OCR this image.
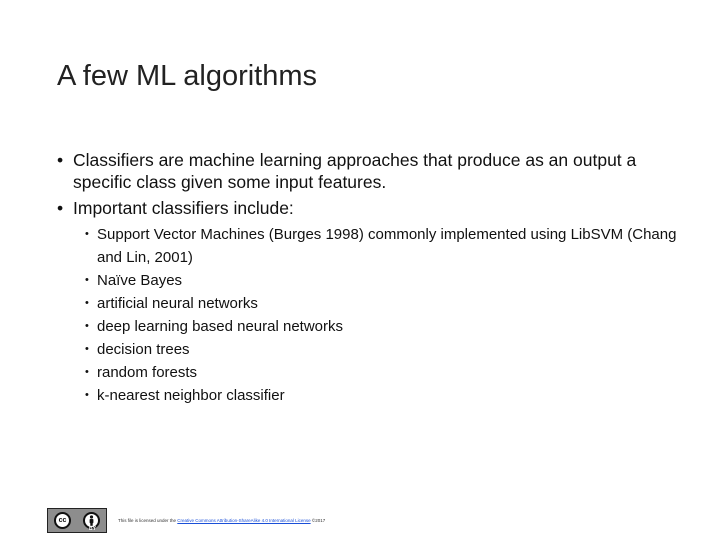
A few ML algorithms
• Classifiers are machine learning approaches that produce as an output a specific class given some input features.
• Important classifiers include:
• Support Vector Machines (Burges 1998) commonly implemented using LibSVM (Chang and Lin, 2001)
• Naïve Bayes
• artificial neural networks
• deep learning based neural networks
• decision trees
• random forests
• k-nearest neighbor classifier
cc
BY
This file is licensed under the Creative Commons Attribution-ShareAlike 4.0 International License ©2017
